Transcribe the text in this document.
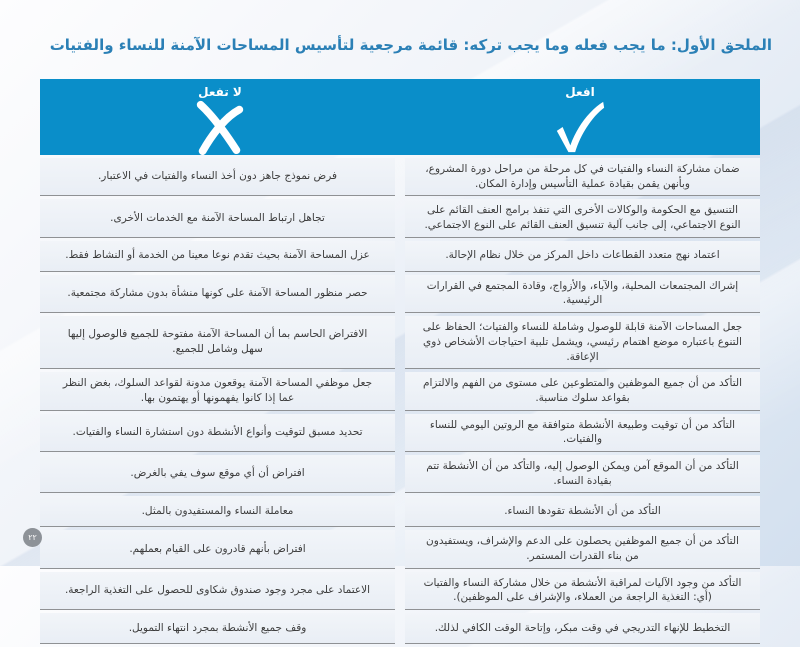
الملحق الأول: ما يجب فعله وما يجب تركه: قائمة مرجعية لتأسيس المساحات الآمنة للنساء والفتيات
افعل
لا تفعل
ضمان مشاركة النساء والفتيات في كل مرحلة من مراحل دورة المشروع، وبأنهن يقمن بقيادة عملية التأسيس وإدارة المكان.
فرض نموذج جاهز دون أخذ النساء والفتيات في الاعتبار.
التنسيق مع الحكومة والوكالات الأخرى التي تنفذ برامج العنف القائم على النوع الاجتماعي، إلى جانب آلية تنسيق العنف القائم على النوع الاجتماعي.
تجاهل ارتباط المساحة الآمنة مع الخدمات الأخرى.
اعتماد نهج متعدد القطاعات داخل المركز من خلال نظام الإحالة.
عزل المساحة الآمنة بحيث تقدم نوعا معينا من الخدمة أو النشاط فقط.
إشراك المجتمعات المحلية، والآباء، والأزواج، وقادة المجتمع في القرارات الرئيسية.
حصر منظور المساحة الآمنة على كونها منشأة بدون مشاركة مجتمعية.
جعل المساحات الآمنة قابلة للوصول وشاملة للنساء والفتيات؛ الحفاظ على التنوع باعتباره موضع اهتمام رئيسي، ويشمل تلبية احتياجات الأشخاص ذوي الإعاقة.
الافتراض الحاسم بما أن المساحة الآمنة مفتوحة للجميع فالوصول إليها سهل وشامل للجميع.
التأكد من أن جميع الموظفين والمتطوعين على مستوى من الفهم والالتزام بقواعد سلوك مناسبة.
جعل موظفي المساحة الآمنة يوقعون مدونة لقواعد السلوك، بغض النظر عما إذا كانوا يفهمونها أو يهتمون بها.
التأكد من أن توقيت وطبيعة الأنشطة متوافقة مع الروتين اليومي للنساء والفتيات.
تحديد مسبق لتوقيت وأنواع الأنشطة دون استشارة النساء والفتيات.
التأكد من أن الموقع آمن ويمكن الوصول إليه، والتأكد من أن الأنشطة تتم بقيادة النساء.
افتراض أن أي موقع سوف يفي بالغرض.
التأكد من أن الأنشطة تقودها النساء.
معاملة النساء والمستفيدون بالمثل.
التأكد من أن جميع الموظفين يحصلون على الدعم والإشراف، ويستفيدون من بناء القدرات المستمر.
افتراض بأنهم قادرون على القيام بعملهم.
التأكد من وجود الآليات لمراقبة الأنشطة من خلال مشاركة النساء والفتيات (أي: التغذية الراجعة من العملاء، والإشراف على الموظفين).
الاعتماد على مجرد وجود صندوق شكاوى للحصول على التغذية الراجعة.
التخطيط للإنهاء التدريجي في وقت مبكر، وإتاحة الوقت الكافي لذلك.
وقف جميع الأنشطة بمجرد انتهاء التمويل.
٢٢
